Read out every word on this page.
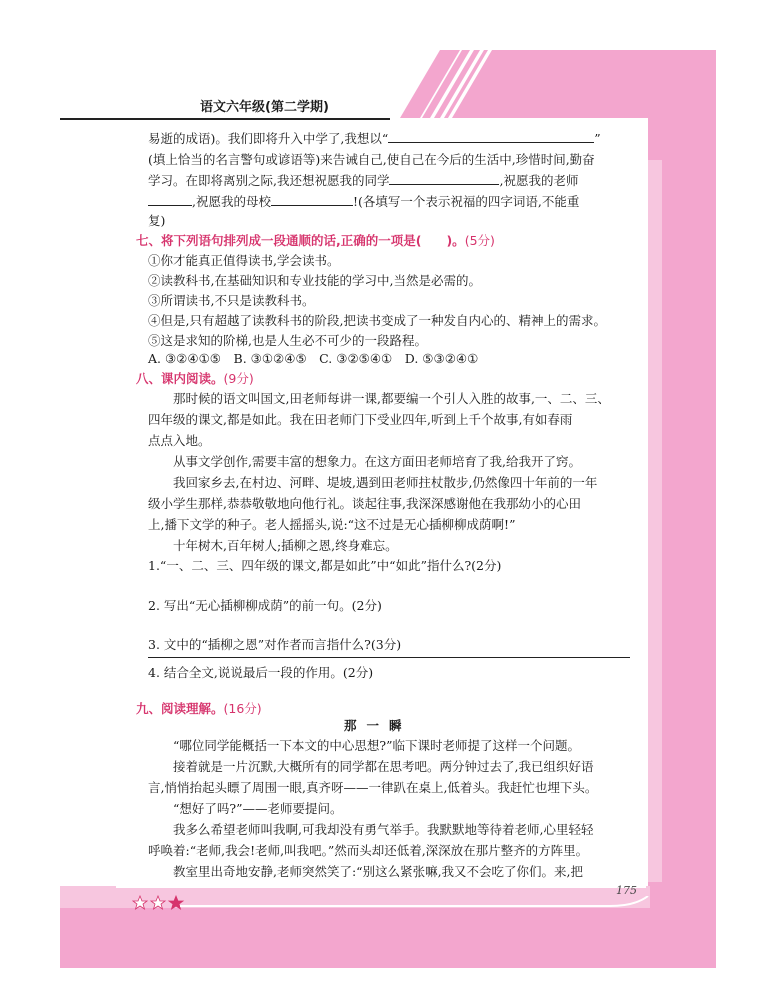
语文六年级(第二学期)
易逝的成语)。我们即将升入中学了,我想以“	”
(填上恰当的名言警句或谚语等)来告诫自己,使自己在今后的生活中,珍惜时间,勤奋
学习。在即将离别之际,我还想祝愿我的同学	,祝愿我的老师
,祝愿我的母校	!(各填写一个表示祝福的四字词语,不能重
复)
七、将下列语句排列成一段通顺的话,正确的一项是(　　)。(5分)
①你才能真正值得读书,学会读书。
②读教科书,在基础知识和专业技能的学习中,当然是必需的。
③所谓读书,不只是读教科书。
④但是,只有超越了读教科书的阶段,把读书变成了一种发自内心的、精神上的需求。
⑤这是求知的阶梯,也是人生必不可少的一段路程。
A. ③②④①⑤　B. ③①②④⑤　C. ③②⑤④①　D. ⑤③②④①
八、课内阅读。(9分)
　　那时候的语文叫国文,田老师每讲一课,都要编一个引人入胜的故事,一、二、三、
四年级的课文,都是如此。我在田老师门下受业四年,听到上千个故事,有如春雨
点点入地。
　　从事文学创作,需要丰富的想象力。在这方面田老师培育了我,给我开了窍。
　　我回家乡去,在村边、河畔、堤坡,遇到田老师拄杖散步,仍然像四十年前的一年
级小学生那样,恭恭敬敬地向他行礼。谈起往事,我深深感谢他在我那幼小的心田
上,播下文学的种子。老人摇摇头,说:“这不过是无心插柳柳成荫啊!”
　　十年树木,百年树人;插柳之恩,终身难忘。
1.“一、二、三、四年级的课文,都是如此”中“如此”指什么?(2分)
2. 写出“无心插柳柳成荫”的前一句。(2分)
3. 文中的“插柳之恩”对作者而言指什么?(3分)
4. 结合全文,说说最后一段的作用。(2分)
九、阅读理解。(16分)
那一瞬
　　“哪位同学能概括一下本文的中心思想?”临下课时老师提了这样一个问题。
　　接着就是一片沉默,大概所有的同学都在思考吧。两分钟过去了,我已组织好语
言,悄悄抬起头瞟了周围一眼,真齐呀——一律趴在桌上,低着头。我赶忙也埋下头。
　　“想好了吗?”——老师要提问。
　　我多么希望老师叫我啊,可我却没有勇气举手。我默默地等待着老师,心里轻轻
呼唤着:“老师,我会!老师,叫我吧。”然而头却还低着,深深放在那片整齐的方阵里。
　　教室里出奇地安静,老师突然笑了:“别这么紧张嘛,我又不会吃了你们。来,把
175
